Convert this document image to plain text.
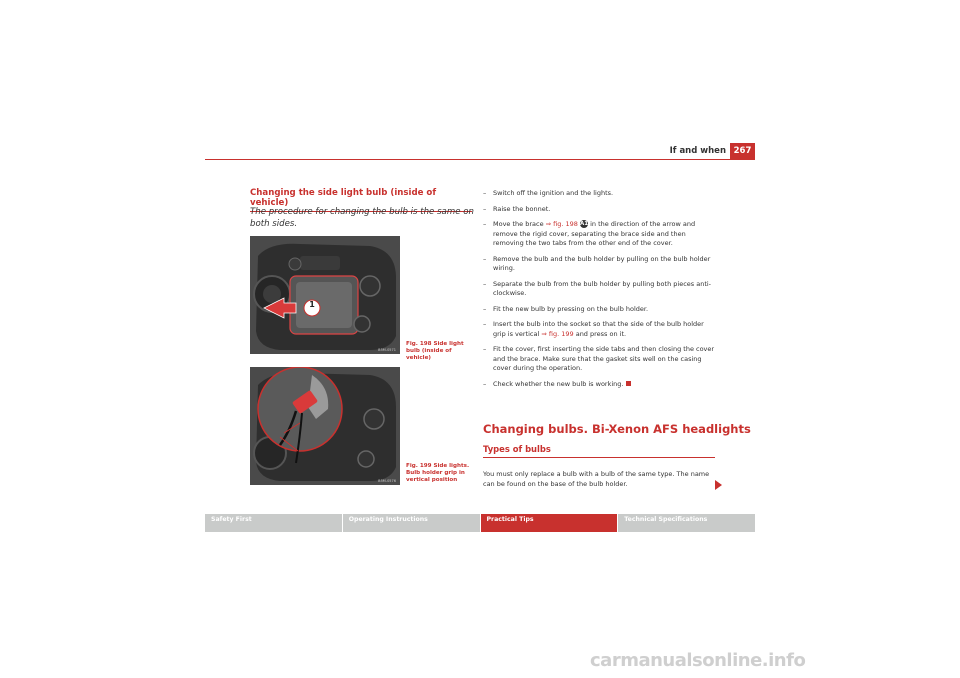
If and when 267
Changing the side light bulb (inside of vehicle)
The procedure for changing the bulb is the same on both sides.
1
B5M-0571
Fig. 198 Side light bulb (inside of vehicle)
B5M-0576
Fig. 199 Side lights. Bulb holder grip in vertical position
– Switch off the ignition and the lights.
– Raise the bonnet.
– Move the brace ⇒ fig. 198 A1 in the direction of the arrow and remove the rigid cover, separating the brace side and then removing the two tabs from the other end of the cover.
– Remove the bulb and the bulb holder by pulling on the bulb holder wiring.
– Separate the bulb from the bulb holder by pulling both pieces anti-clockwise.
– Fit the new bulb by pressing on the bulb holder.
– Insert the bulb into the socket so that the side of the bulb holder grip is vertical ⇒ fig. 199 and press on it.
– Fit the cover, first inserting the side tabs and then closing the cover and the brace. Make sure that the gasket sits well on the casing cover during the operation.
– Check whether the new bulb is working.
Changing bulbs. Bi-Xenon AFS headlights
Types of bulbs
You must only replace a bulb with a bulb of the same type. The name can be found on the base of the bulb holder.
Safety First	Operating Instructions	Practical Tips	Technical Specifications
carmanualsonline.info
